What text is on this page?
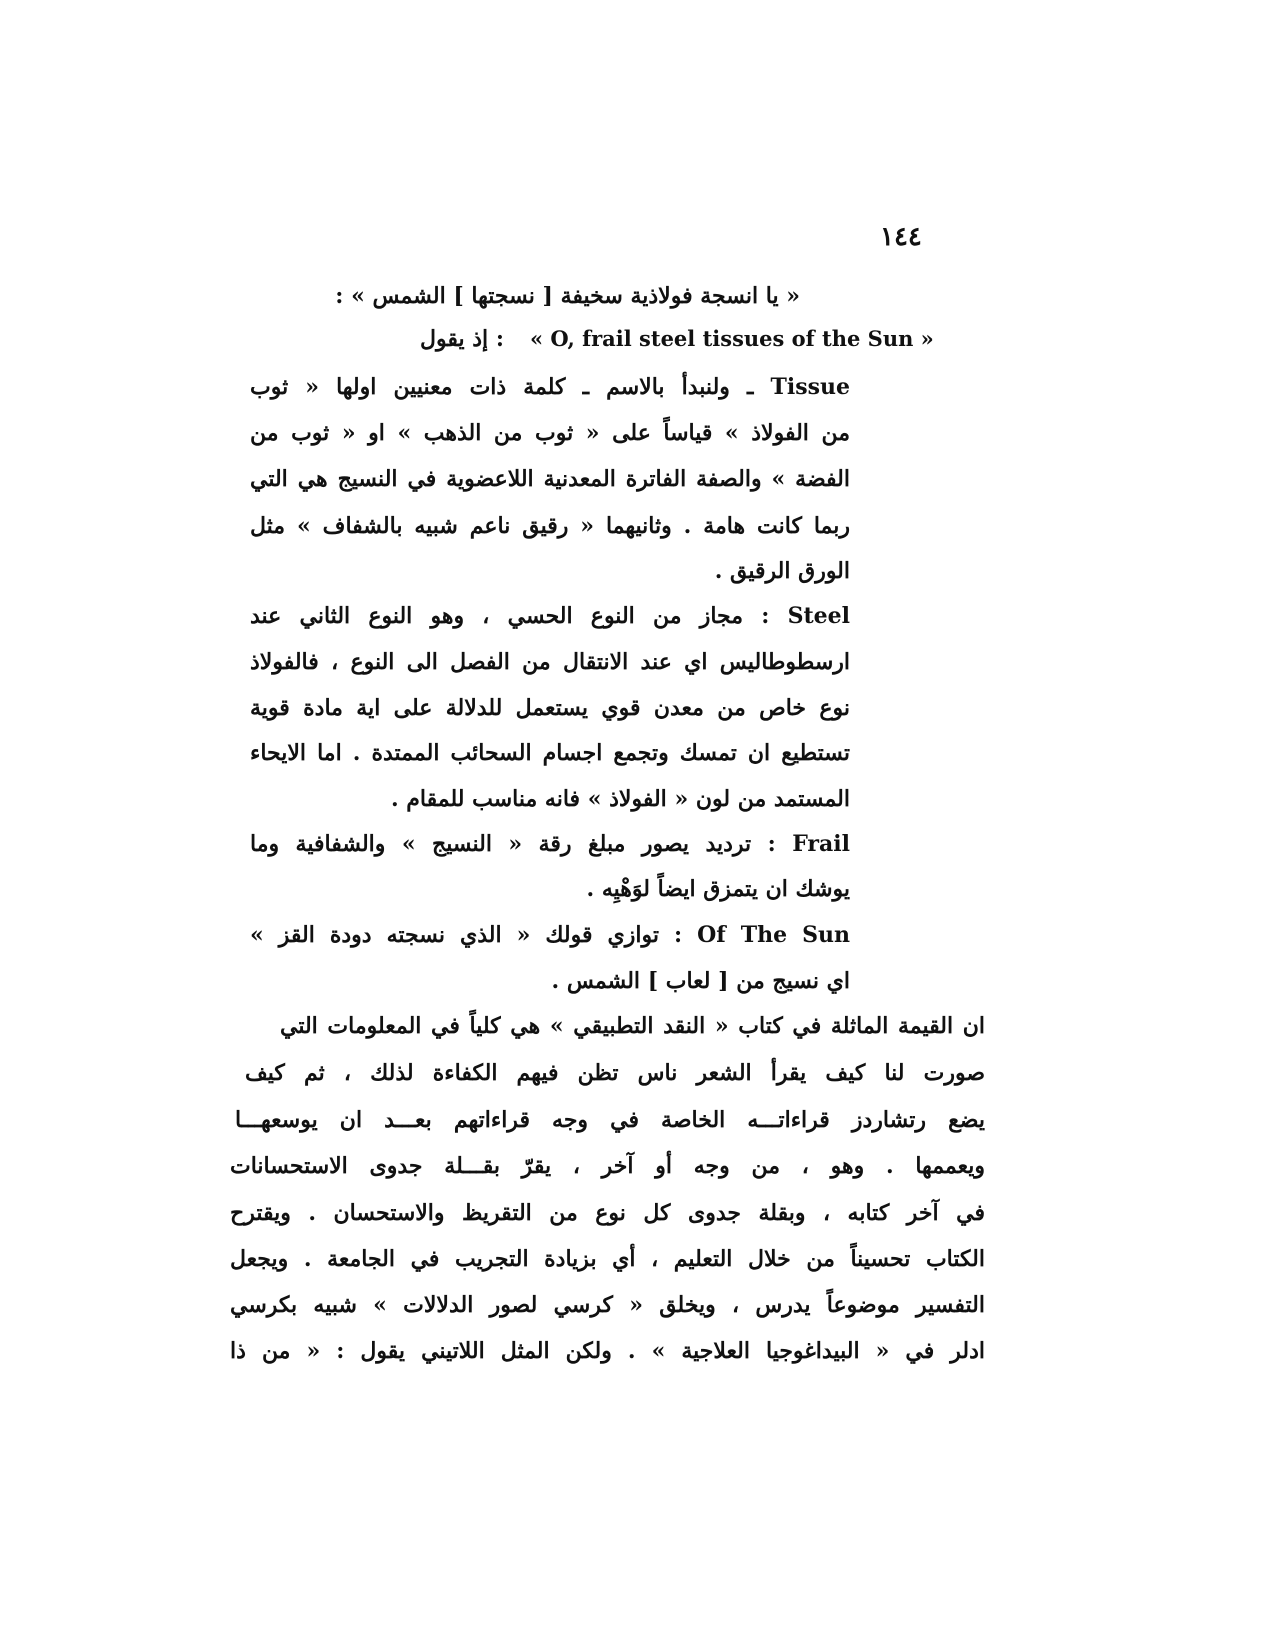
١٤٤
« يا انسجة فولاذية سخيفة [ نسجتها ] الشمس » :
: إذ يقول « O, frail steel tissues of the Sun »
Tissue ـ ولنبدأ بالاسم ـ كلمة ذات معنيين اولها « ثوب
من الفولاذ » قياساً على « ثوب من الذهب » او « ثوب من
الفضة » والصفة الفاترة المعدنية اللاعضوية في النسيج هي التي
ربما كانت هامة . وثانيهما « رقيق ناعم شبيه بالشفاف » مثل
الورق الرقيق .
Steel : مجاز من النوع الحسي ، وهو النوع الثاني عند
ارسطوطاليس اي عند الانتقال من الفصل الى النوع ، فالفولاذ
نوع خاص من معدن قوي يستعمل للدلالة على اية مادة قوية
تستطيع ان تمسك وتجمع اجسام السحائب الممتدة . اما الايحاء
المستمد من لون « الفولاذ » فانه مناسب للمقام .
Frail : ترديد يصور مبلغ رقة « النسيج » والشفافية وما
يوشك ان يتمزق ايضاً لوَهْيِه .
Of The Sun : توازي قولك « الذي نسجته دودة القز »
اي نسيج من [ لعاب ] الشمس .
ان القيمة الماثلة في كتاب « النقد التطبيقي » هي كلياً في المعلومات التي
صورت لنا كيف يقرأ الشعر ناس تظن فيهم الكفاءة لذلك ، ثم كيف
يضع رتشاردز قراءاتـــه الخاصة في وجه قراءاتهم بعـــد ان يوسعهـــا
ويعممها . وهو ، من وجه أو آخر ، يقرّ بقـــلة جدوى الاستحسانات
في آخر كتابه ، وبقلة جدوى كل نوع من التقريظ والاستحسان . ويقترح
الكتاب تحسيناً من خلال التعليم ، أي بزيادة التجريب في الجامعة . ويجعل
التفسير موضوعاً يدرس ، ويخلق « كرسي لصور الدلالات » شبيه بكرسي
ادلر في « البيداغوجيا العلاجية » . ولكن المثل اللاتيني يقول : « من ذا
